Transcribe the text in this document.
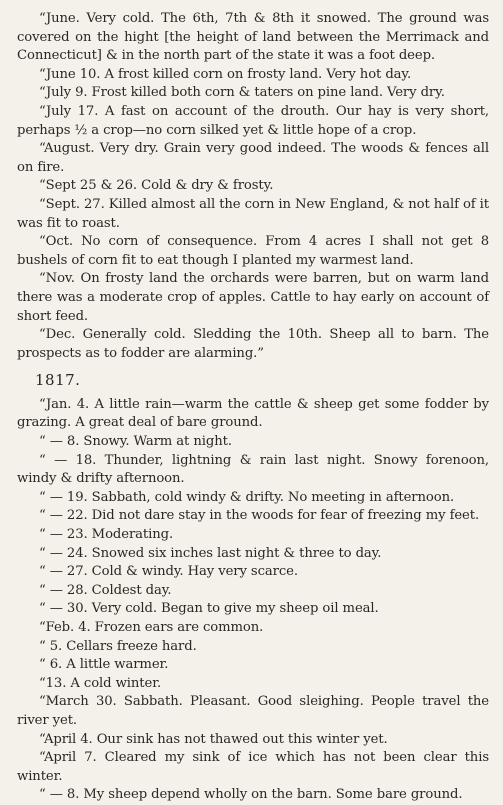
“June. Very cold. The 6th, 7th & 8th it snowed. The ground was covered on the hight [the height of land between the Merrimack and Connecticut] & in the north part of the state it was a foot deep.

“June 10. A frost killed corn on frosty land. Very hot day.

“July 9. Frost killed both corn & taters on pine land. Very dry.

“July 17. A fast on account of the drouth. Our hay is very short, perhaps ½ a crop—no corn silked yet & little hope of a crop.

“August. Very dry. Grain very good indeed. The woods & fences all on fire.

“Sept 25 & 26. Cold & dry & frosty.

“Sept. 27. Killed almost all the corn in New England, & not half of it was fit to roast.

“Oct. No corn of consequence. From 4 acres I shall not get 8 bushels of corn fit to eat though I planted my warmest land.

“Nov. On frosty land the orchards were barren, but on warm land there was a moderate crop of apples. Cattle to hay early on account of short feed.

“Dec. Generally cold. Sledding the 10th. Sheep all to barn. The prospects as to fodder are alarming.”

1817.

“Jan. 4. A little rain—warm the cattle & sheep get some fodder by grazing. A great deal of bare ground.

“ — 8. Snowy. Warm at night.

“ — 18. Thunder, lightning & rain last night. Snowy forenoon, windy & drifty afternoon.

“ — 19. Sabbath, cold windy & drifty. No meeting in afternoon.

“ — 22. Did not dare stay in the woods for fear of freezing my feet.

“ — 23. Moderating.

“ — 24. Snowed six inches last night & three to day.

“ — 27. Cold & windy. Hay very scarce.

“ — 28. Coldest day.

“ — 30. Very cold. Began to give my sheep oil meal.

“Feb. 4. Frozen ears are common.

“ 5. Cellars freeze hard.

“ 6. A little warmer.

“13. A cold winter.

“March 30. Sabbath. Pleasant. Good sleighing. People travel the river yet.

“April 4. Our sink has not thawed out this winter yet.

“April 7. Cleared my sink of ice which has not been clear this winter.

“ — 8. My sheep depend wholly on the barn. Some bare ground.
